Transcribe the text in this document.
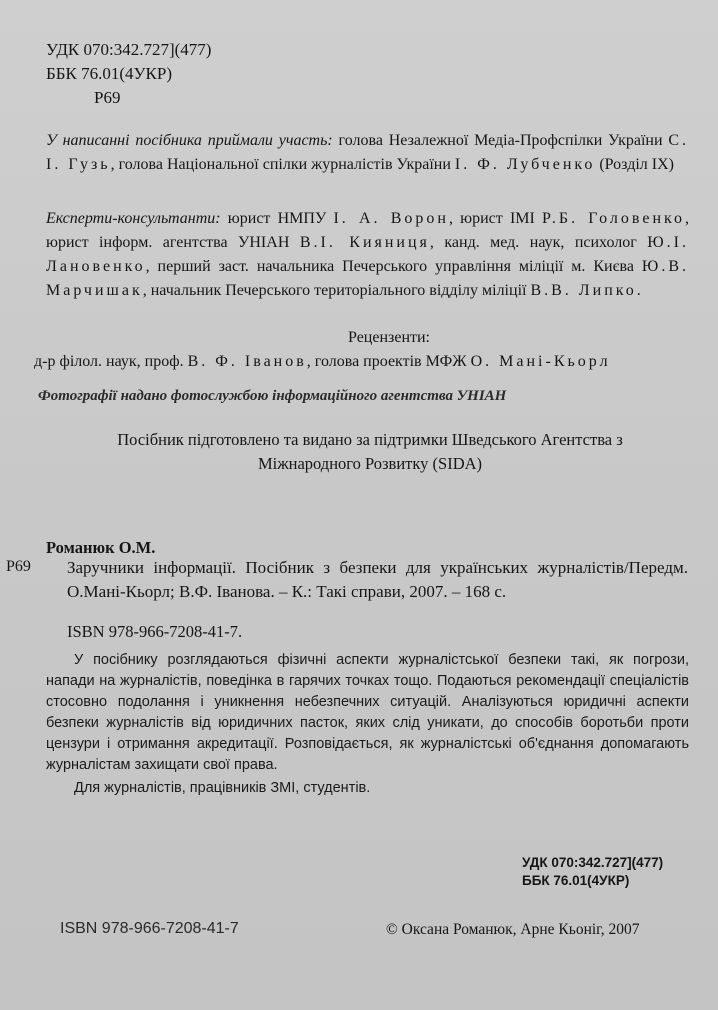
УДК 070:342.727](477)
ББК 76.01(4УКР)
Р69

У написанні посібника приймали участь: голова Незалежної Медіа-Профспілки України С. І. Гузь, голова Національної спілки журналістів України І. Ф. Лубченко (Розділ IX)

Експерти-консультанти: юрист НМПУ І. А. Ворон, юрист ІМІ Р.Б. Головенко, юрист інформ. агентства УНІАН В.І. Кияниця, канд. мед. наук, психолог Ю.І. Лановенко, перший заст. начальника Печерського управління міліції м. Києва Ю.В. Марчишак, начальник Печерського територіального відділу міліції В.В. Липко.

Рецензенти:
д-р філол. наук, проф. В. Ф. Іванов, голова проектів МФЖ О. Мані-Кьорл
Фотографії надано фотослужбою інформаційного агентства УНІАН
Посібник підготовлено та видано за підтримки Шведського Агентства з
Міжнародного Розвитку (SIDA)
Романюк О.М.
Р69 Заручники інформації. Посібник з безпеки для українських журналістів/Передм. О.Мані-Кьорл; В.Ф. Іванова. – К.: Такі справи, 2007. – 168 с.
ISBN 978-966-7208-41-7.

У посібнику розглядаються фізичні аспекти журналістської безпеки такі, як погрози, напади на журналістів, поведінка в гарячих точках тощо. Подаються рекомендації спеціалістів стосовно подолання і уникнення небезпечних ситуацій. Аналізуються юридичні аспекти безпеки журналістів від юридичних пасток, яких слід уникати, до способів боротьби проти цензури і отримання акредитації. Розповідається, як журналістські об'єднання допомагають журналістам захищати свої права.

Для журналістів, працівників ЗМІ, студентів.

УДК 070:342.727](477)
ББК 76.01(4УКР)
ISBN 978-966-7208-41-7	© Оксана Романюк, Арне Кьоніг, 2007
